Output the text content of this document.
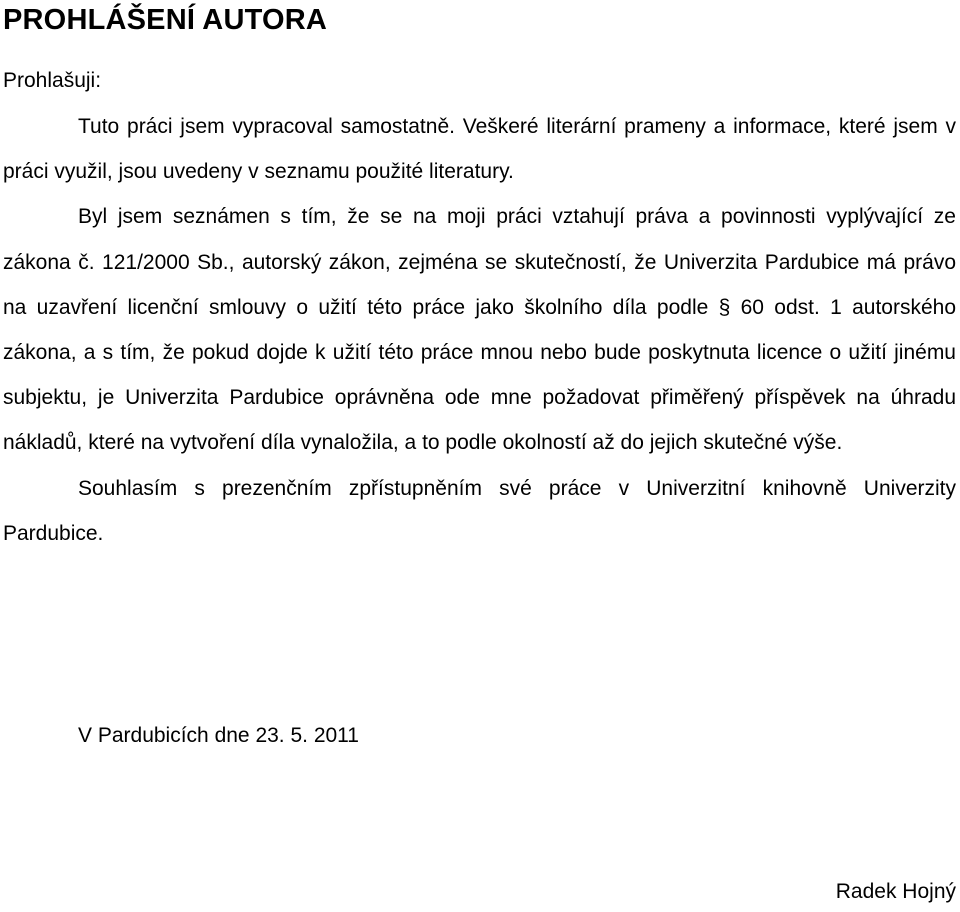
PROHLÁŠENÍ AUTORA
Prohlašuji:

Tuto práci jsem vypracoval samostatně. Veškeré literární prameny a informace, které jsem v práci využil, jsou uvedeny v seznamu použité literatury.

Byl jsem seznámen s tím, že se na moji práci vztahují práva a povinnosti vyplývající ze zákona č. 121/2000 Sb., autorský zákon, zejména se skutečností, že Univerzita Pardubice má právo na uzavření licenční smlouvy o užití této práce jako školního díla podle § 60 odst. 1 autorského zákona, a s tím, že pokud dojde k užití této práce mnou nebo bude poskytnuta licence o užití jinému subjektu, je Univerzita Pardubice oprávněna ode mne požadovat přiměřený příspěvek na úhradu nákladů, které na vytvoření díla vynaložila, a to podle okolností až do jejich skutečné výše.

Souhlasím s prezenčním zpřístupněním své práce v Univerzitní knihovně Univerzity Pardubice.

V Pardubicích dne 23. 5. 2011
Radek Hojný
